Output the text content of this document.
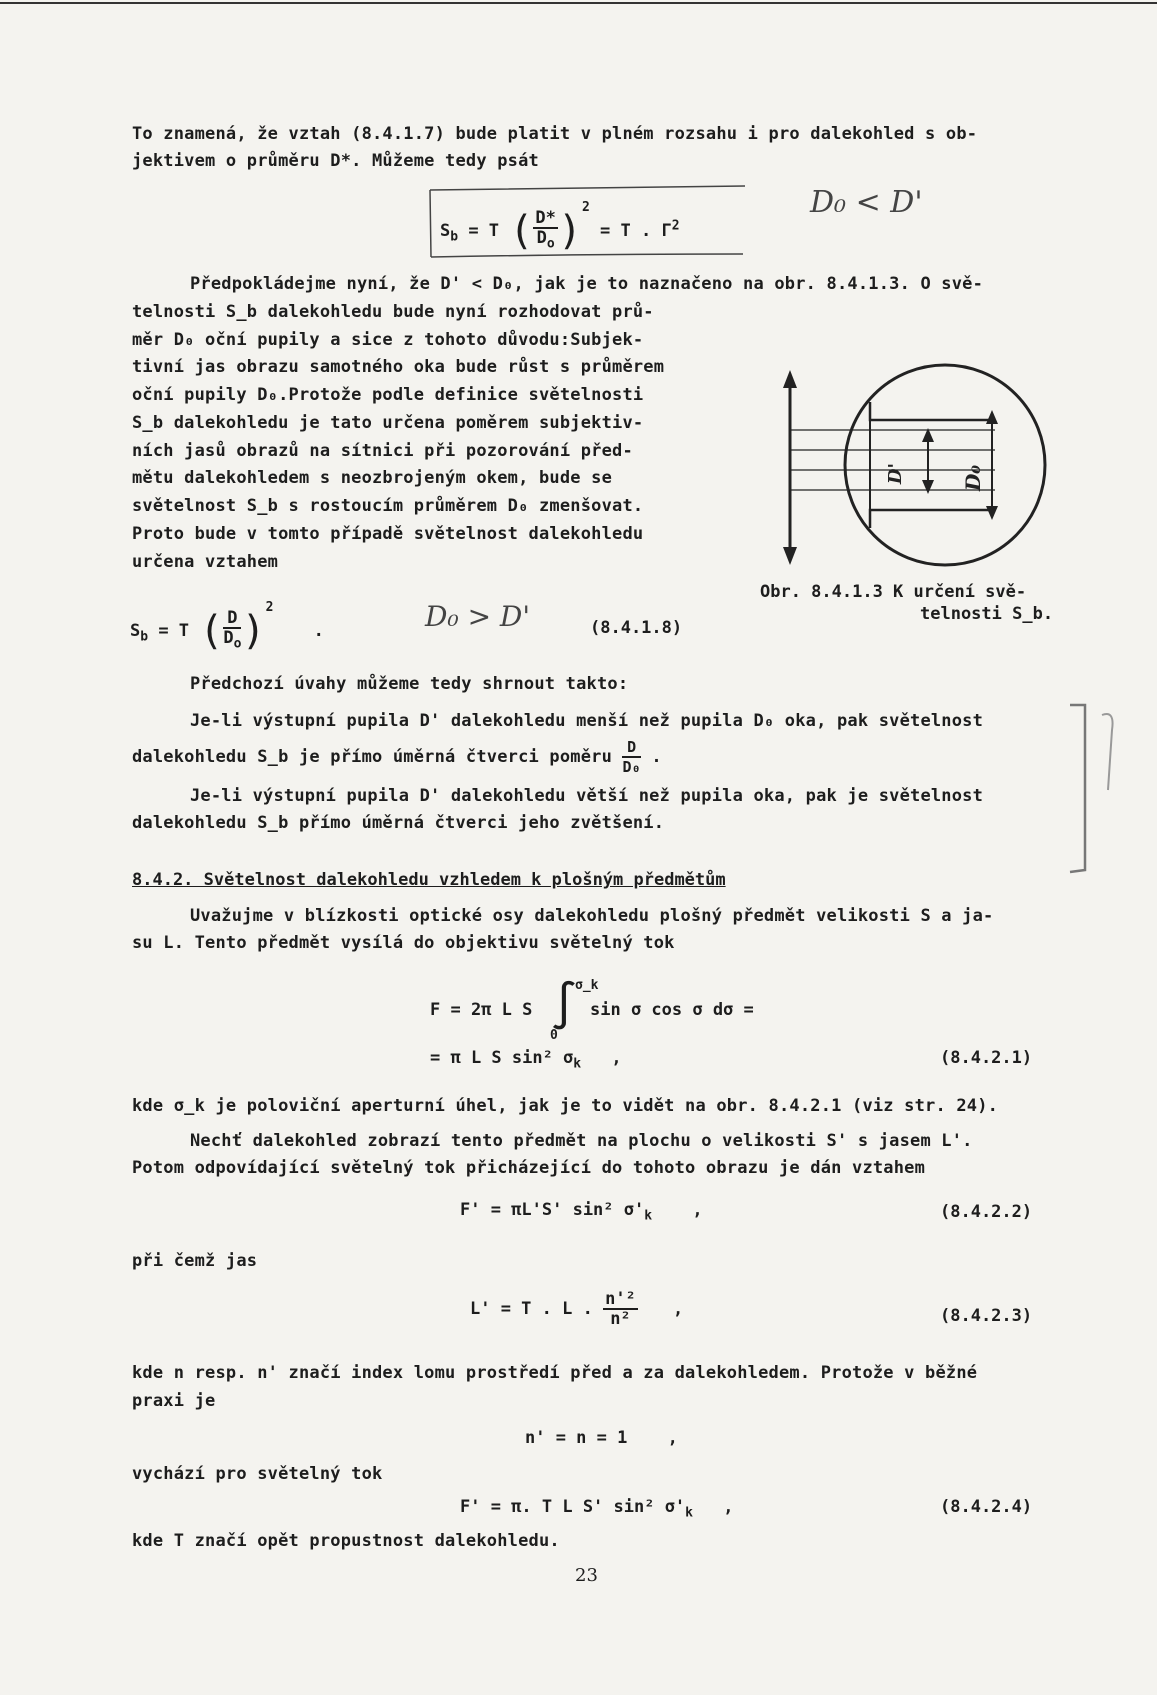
To znamená, že vztah (8.4.1.7) bude platit v plném rozsahu i pro dalekohled s ob-
jektivem o průměru D*. Můžeme tedy psát
$S_b = T$ ( $\frac{D*}{D_o} )^2 = T$ . $\Gamma^2$
D₀ < D'
Předpokládejme nyní, že D' < D₀, jak je to naznačeno na obr. 8.4.1.3. O svě-
telnosti S_b dalekohledu bude nyní rozhodovat prů-
měr D₀ oční pupily a sice z tohoto důvodu:Subjek-
tivní jas obrazu samotného oka bude růst s průměrem
oční pupily D₀.Protože podle definice světelnosti
S_b dalekohledu je tato určena poměrem subjektiv-
ních jasů obrazů na sítnici při pozorování před-
mětu dalekohledem s neozbrojeným okem, bude se
světelnost S_b s rostoucím průměrem D₀ zmenšovat.
Proto bude v tomto případě světelnost dalekohledu
určena vztahem
D'	D₀
Obr. 8.4.1.3 K určení svě-
telnosti S_b.
$S_b = T$ ( $\frac{D}{D_o} )^2$ .	D₀ > D'	(8.4.1.8)
Předchozí úvahy můžeme tedy shrnout takto:
Je-li výstupní pupila D' dalekohledu menší než pupila D₀ oka, pak světelnost
dalekohledu S_b je přímo úměrná čtverci poměru $\frac{D}{\text{D₀}}$ .
Je-li výstupní pupila D' dalekohledu větší než pupila oka, pak je světelnost
dalekohledu S_b přímo úměrná čtverci jeho zvětšení.
8.4.2. Světelnost dalekohledu vzhledem k plošným předmětům
Uvažujme v blízkosti optické osy dalekohledu plošný předmět velikosti S a ja-
su L. Tento předmět vysílá do objektivu světelný tok
F = 2π L S ∫
σ_k
0
sin σ cos σ dσ =
= π L S sin² $\sigma_k$ ,	(8.4.2.1)
kde σ_k je poloviční aperturní úhel, jak je to vidět na obr. 8.4.2.1 (viz str. 24).
Nechť dalekohled zobrazí tento předmět na plochu o velikosti S' s jasem L'.
Potom odpovídající světelný tok přicházející do tohoto obrazu je dán vztahem
F' = πL'S' sin² $\sigma'_k$ ,	(8.4.2.2)
při čemž jas
L' = T . L . $\frac{\text{n'²}}{\text{n²}}$ ,	(8.4.2.3)
kde n resp. n' značí index lomu prostředí před a za dalekohledem. Protože v běžné
praxi je
n' = n = 1 ,
vychází pro světelný tok
F' = π. T L S' sin² $\sigma'_k$ ,	(8.4.2.4)
kde T značí opět propustnost dalekohledu.
23
